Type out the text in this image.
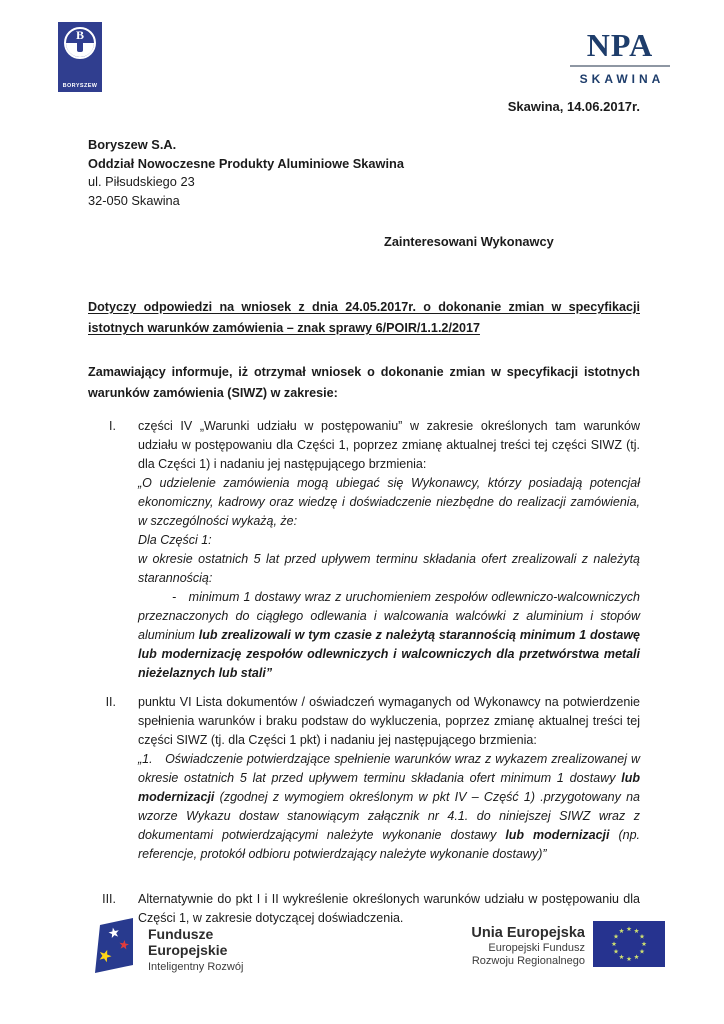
B
BORYSZEW
NPA
SKAWINA
Skawina, 14.06.2017r.
Boryszew S.A.
Oddział Nowoczesne Produkty Aluminiowe Skawina
ul. Piłsudskiego 23
32-050 Skawina
Zainteresowani Wykonawcy
Dotyczy odpowiedzi na wniosek z dnia 24.05.2017r. o dokonanie zmian w specyfikacji istotnych warunków zamówienia – znak sprawy 6/POIR/1.1.2/2017
Zamawiający informuje, iż otrzymał wniosek o dokonanie zmian w specyfikacji istotnych warunków zamówienia (SIWZ) w zakresie:
I. części IV „Warunki udziału w postępowaniu” w zakresie określonych tam warunków udziału w postępowaniu dla Części 1, poprzez zmianę aktualnej treści tej części SIWZ (tj. dla Części 1) i nadaniu jej następującego brzmienia:

„O udzielenie zamówienia mogą ubiegać się Wykonawcy, którzy posiadają potencjał ekonomiczny, kadrowy oraz wiedzę i doświadczenie niezbędne do realizacji zamówienia, w szczególności wykażą, że:

Dla Części 1:

w okresie ostatnich 5 lat przed upływem terminu składania ofert zrealizowali z należytą starannością:

- minimum 1 dostawy wraz z uruchomieniem zespołów odlewniczo-walcowniczych przeznaczonych do ciągłego odlewania i walcowania walcówki z aluminium i stopów aluminium lub zrealizowali w tym czasie z należytą starannością minimum 1 dostawę lub modernizację zespołów odlewniczych i walcowniczych dla przetwórstwa metali nieżelaznych lub stali”

II. punktu VI Lista dokumentów / oświadczeń wymaganych od Wykonawcy na potwierdzenie spełnienia warunków i braku podstaw do wykluczenia, poprzez zmianę aktualnej treści tej części SIWZ (tj. dla Części 1 pkt) i nadaniu jej następującego brzmienia:

„1. Oświadczenie potwierdzające spełnienie warunków wraz z wykazem zrealizowanej w okresie ostatnich 5 lat przed upływem terminu składania ofert minimum 1 dostawy lub modernizacji (zgodnej z wymogiem określonym w pkt IV – Część 1) .przygotowany na wzorze Wykazu dostaw stanowiącym załącznik nr 4.1. do niniejszej SIWZ wraz z dokumentami potwierdzającymi należyte wykonanie dostawy lub modernizacji (np. referencje, protokół odbioru potwierdzający należyte wykonanie dostawy)”

III. Alternatywnie do pkt I i II wykreślenie określonych warunków udziału w postępowaniu dla Części 1, w zakresie dotyczącej doświadczenia.

Fundusze
Europejskie
Inteligentny Rozwój
Unia Europejska
Europejski Fundusz
Rozwoju Regionalnego
